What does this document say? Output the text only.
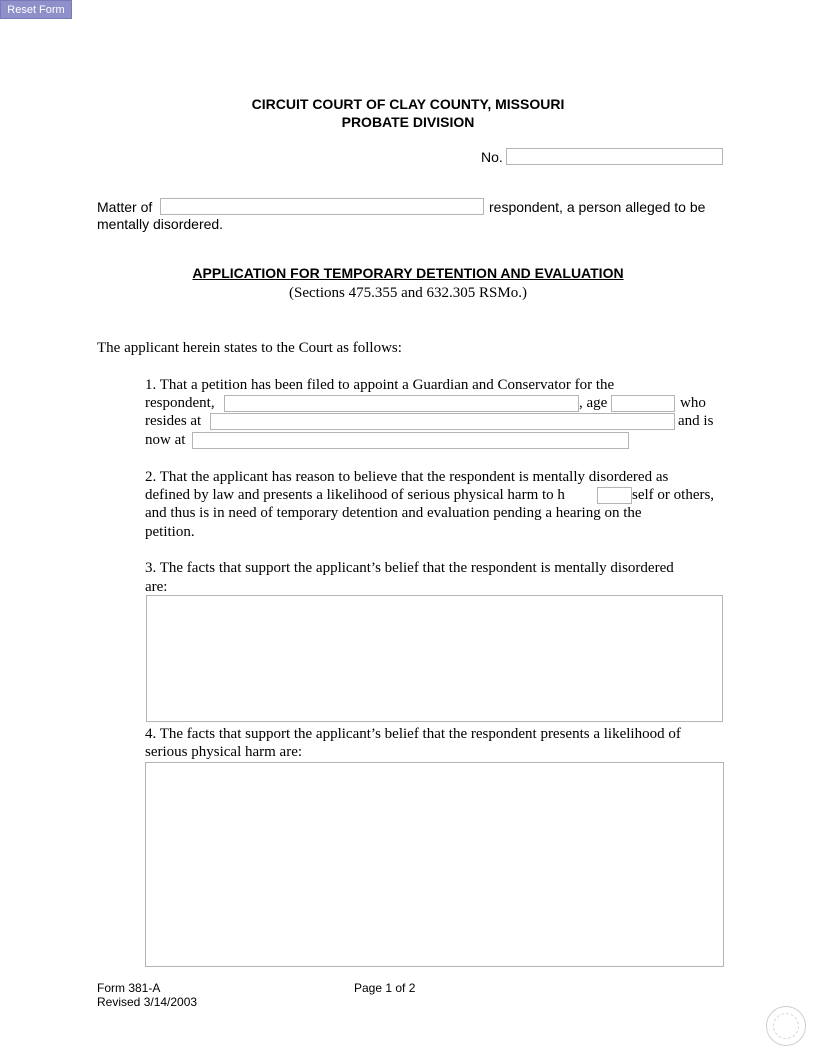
Reset Form
CIRCUIT COURT OF CLAY COUNTY, MISSOURI
PROBATE DIVISION
No.
Matter of	respondent, a person alleged to be
mentally disordered.
APPLICATION FOR TEMPORARY DETENTION AND EVALUATION
(Sections 475.355 and 632.305 RSMo.)
The applicant herein states to the Court as follows:
1. That a petition has been filed to appoint a Guardian and Conservator for the
respondent,	, age	who
resides at	and is
now at
2. That the applicant has reason to believe that the respondent is mentally disordered as
defined by law and presents a likelihood of serious physical harm to h	self or others,
and thus is in need of temporary detention and evaluation pending a hearing on the
petition.
3. The facts that support the applicant’s belief that the respondent is mentally disordered
are:
4. The facts that support the applicant’s belief that the respondent presents a likelihood of
serious physical harm are:
Form 381-A
Revised 3/14/2003
Page 1 of 2
